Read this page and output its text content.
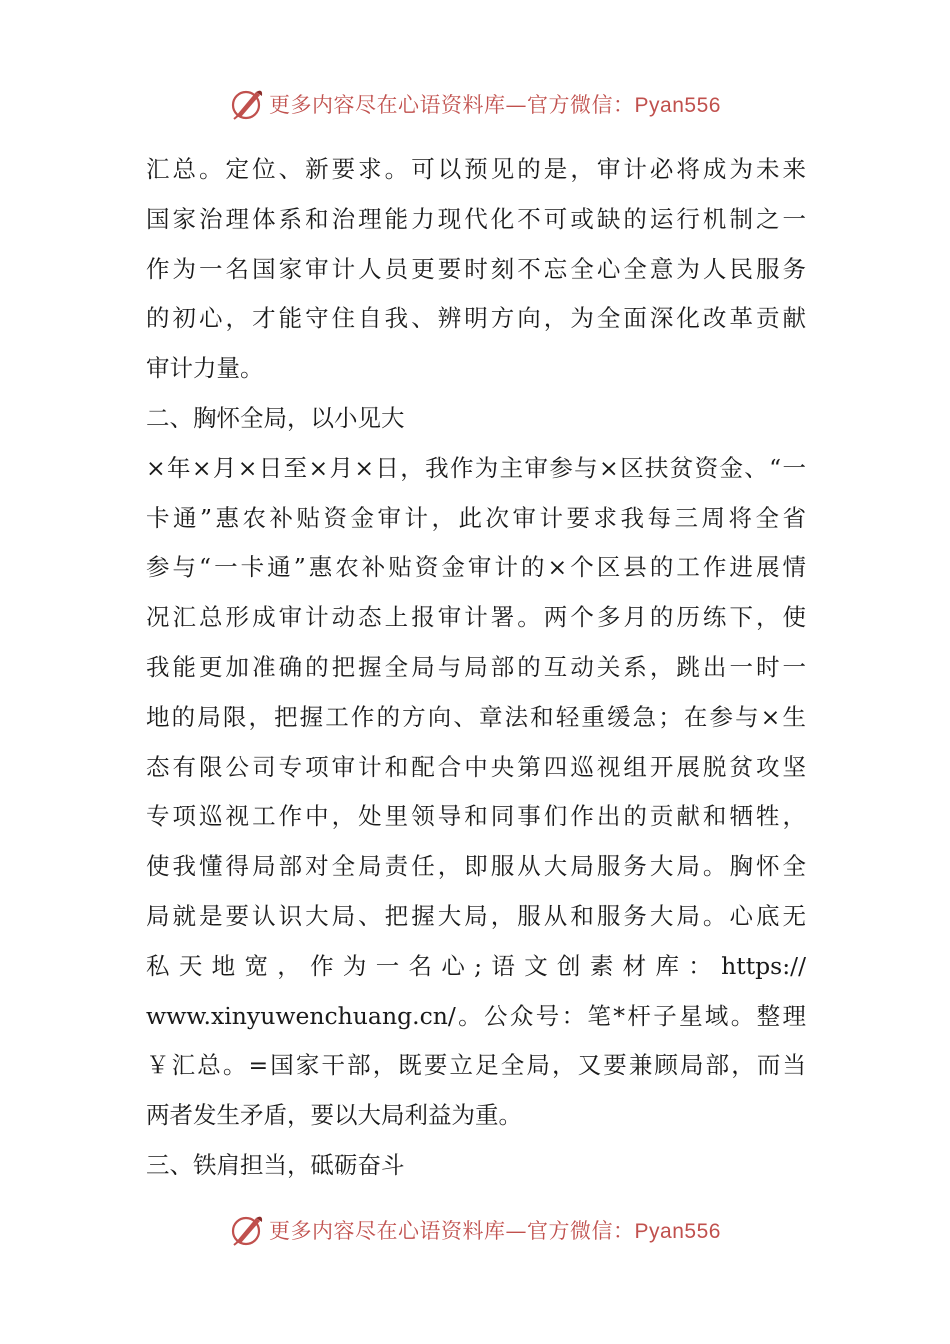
更多内容尽在心语资料库—官方微信：Pyan556
汇总。定位、新要求。可以预见的是，审计必将成为未来
国家治理体系和治理能力现代化不可或缺的运行机制之一
作为一名国家审计人员更要时刻不忘全心全意为人民服务
的初心，才能守住自我、辨明方向，为全面深化改革贡献
审计力量。
二、胸怀全局，以小见大
×年×月×日至×月×日，我作为主审参与×区扶贫资金、“一
卡通”惠农补贴资金审计，此次审计要求我每三周将全省
参与“一卡通”惠农补贴资金审计的×个区县的工作进展情
况汇总形成审计动态上报审计署。两个多月的历练下，使
我能更加准确的把握全局与局部的互动关系，跳出一时一
地的局限，把握工作的方向、章法和轻重缓急；在参与×生
态有限公司专项审计和配合中央第四巡视组开展脱贫攻坚
专项巡视工作中，处里领导和同事们作出的贡献和牺牲，
使我懂得局部对全局责任，即服从大局服务大局。胸怀全
局就是要认识大局、把握大局，服从和服务大局。心底无
私天地宽，作为一名心;语文创素材库：https://
www.xinyuwenchuang.cn/。公众号：笔*杆子星域。整理
￥汇总。=国家干部，既要立足全局，又要兼顾局部，而当
两者发生矛盾，要以大局利益为重。
三、铁肩担当，砥砺奋斗
更多内容尽在心语资料库—官方微信：Pyan556
